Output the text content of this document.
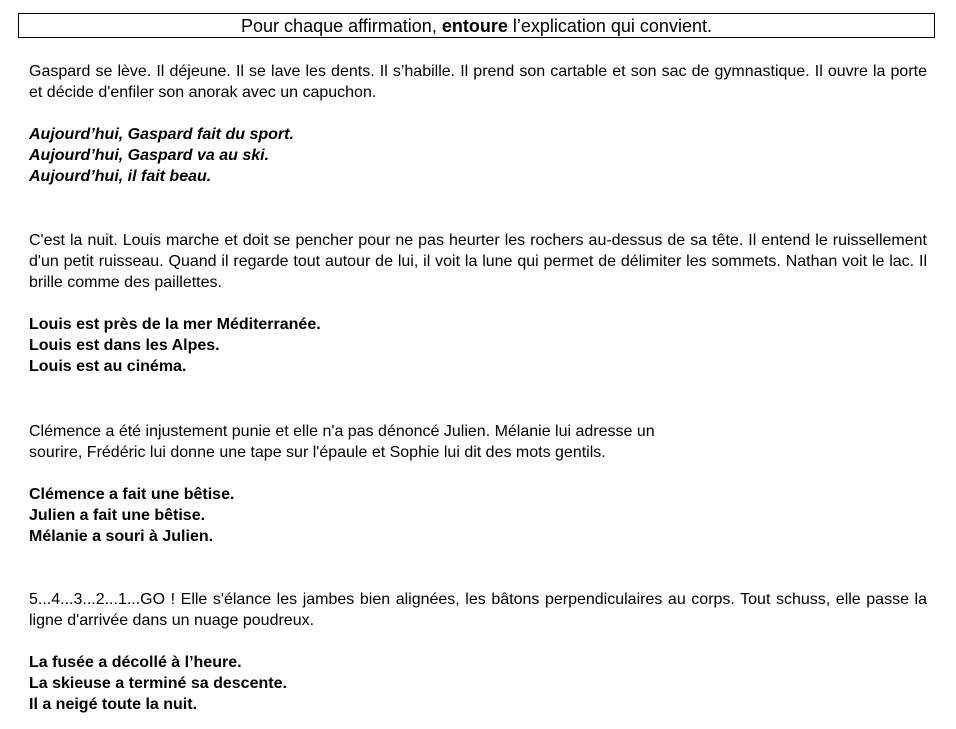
Pour chaque affirmation, entoure l’explication qui convient.

Gaspard se lève. Il déjeune. Il se lave les dents. Il s’habille. Il prend son cartable et son sac de gymnastique. Il ouvre la porte et décide d'enfiler son anorak avec un capuchon.

Aujourd’hui, Gaspard fait du sport.
Aujourd’hui, Gaspard va au ski.
Aujourd’hui, il fait beau.

C'est la nuit. Louis marche et doit se pencher pour ne pas heurter les rochers au-dessus de sa tête. Il entend le ruissellement d'un petit ruisseau. Quand il regarde tout autour de lui, il voit la lune qui permet de délimiter les sommets. Nathan voit le lac. Il brille comme des paillettes.

Louis est près de la mer Méditerranée.
Louis est dans les Alpes.
Louis est au cinéma.

Clémence a été injustement punie et elle n'a pas dénoncé Julien. Mélanie lui adresse un
sourire, Frédéric lui donne une tape sur l'épaule et Sophie lui dit des mots gentils.

Clémence a fait une bêtise.
Julien a fait une bêtise.
Mélanie a souri à Julien.

5...4...3...2...1...GO ! Elle s'élance les jambes bien alignées, les bâtons perpendiculaires au corps. Tout schuss, elle passe la ligne d'arrivée dans un nuage poudreux.

La fusée a décollé à l’heure.
La skieuse a terminé sa descente.
Il a neigé toute la nuit.
